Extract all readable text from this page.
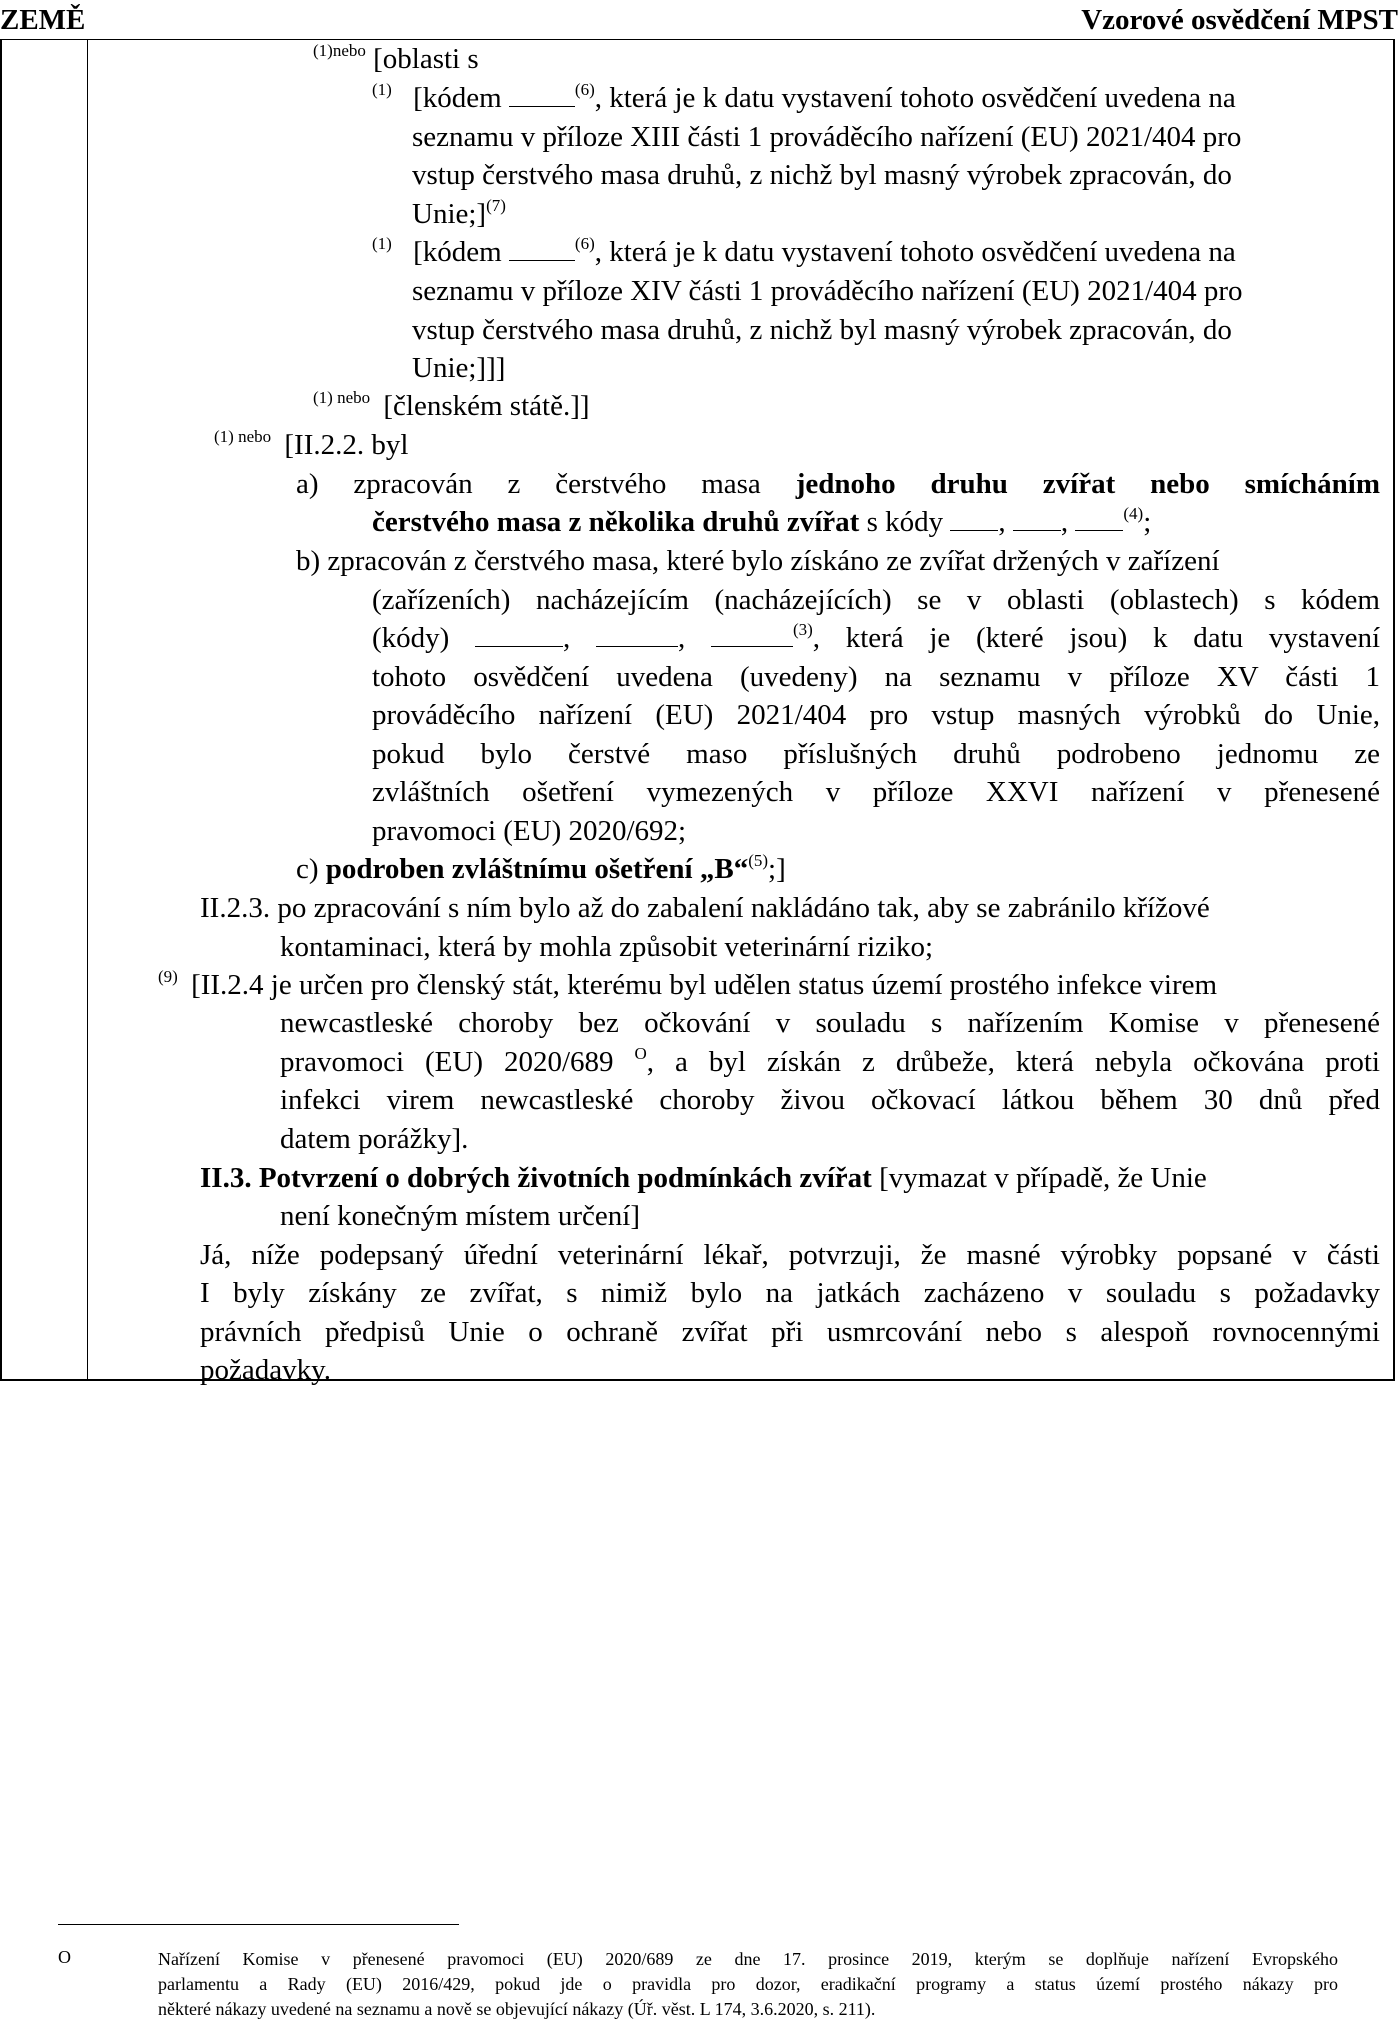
ZEMĚ	Vzorové osvědčení MPST
$^{(1)nebo}$ [oblasti s
$^{(1)}$ [kódem	$^{(6)}$, která je k datu vystavení tohoto osvědčení uvedena na
seznamu v příloze XIII části 1 prováděcího nařízení (EU) 2021/404 pro
vstup čerstvého masa druhů, z nichž byl masný výrobek zpracován, do
Unie;]$^{(7)}$
$^{(1)}$ [kódem	$^{(6)}$, která je k datu vystavení tohoto osvědčení uvedena na
seznamu v příloze XIV části 1 prováděcího nařízení (EU) 2021/404 pro
vstup čerstvého masa druhů, z nichž byl masný výrobek zpracován, do
Unie;]]]
$^{(1) nebo}$ [členském státě.]]
$^{(1) nebo}$ [II.2.2. byl
a) zpracován z čerstvého masa jednoho druhu zvířat nebo smícháním
čerstvého masa z několika druhů zvířat s kódy , ,	$^{(4)}$;
b) zpracován z čerstvého masa, které bylo získáno ze zvířat držených v zařízení
(zařízeních) nacházejícím (nacházejících) se v oblasti (oblastech) s kódem
(kódy)	,	,	$^{(3)}$, která je (které jsou) k datu vystavení
tohoto osvědčení uvedena (uvedeny) na seznamu v příloze XV části 1
prováděcího nařízení (EU) 2021/404 pro vstup masných výrobků do Unie,
pokud bylo čerstvé maso příslušných druhů podrobeno jednomu ze
zvláštních ošetření vymezených v příloze XXVI nařízení v přenesené
pravomoci (EU) 2020/692;
c) podroben zvláštnímu ošetření „B“$^{(5)}$;]
II.2.3. po zpracování s ním bylo až do zabalení nakládáno tak, aby se zabránilo křížové
kontaminaci, která by mohla způsobit veterinární riziko;
$^{(9)}$ [II.2.4 je určen pro členský stát, kterému byl udělen status území prostého infekce virem
newcastleské choroby bez očkování v souladu s nařízením Komise v přenesené
pravomoci (EU) 2020/689 $^O$, a byl získán z drůbeže, která nebyla očkována proti
infekci virem newcastleské choroby živou očkovací látkou během 30 dnů před
datem porážky].
II.3. Potvrzení o dobrých životních podmínkách zvířat [vymazat v případě, že Unie
není konečným místem určení]
Já, níže podepsaný úřední veterinární lékař, potvrzuji, že masné výrobky popsané v části
I byly získány ze zvířat, s nimiž bylo na jatkách zacházeno v souladu s požadavky
právních předpisů Unie o ochraně zvířat při usmrcování nebo s alespoň rovnocennými
požadavky.
O	Nařízení Komise v přenesené pravomoci (EU) 2020/689 ze dne 17. prosince 2019, kterým se doplňuje nařízení Evropského
parlamentu a Rady (EU) 2016/429, pokud jde o pravidla pro dozor, eradikační programy a status území prostého nákazy pro
některé nákazy uvedené na seznamu a nově se objevující nákazy (Úř. věst. L 174, 3.6.2020, s. 211).
